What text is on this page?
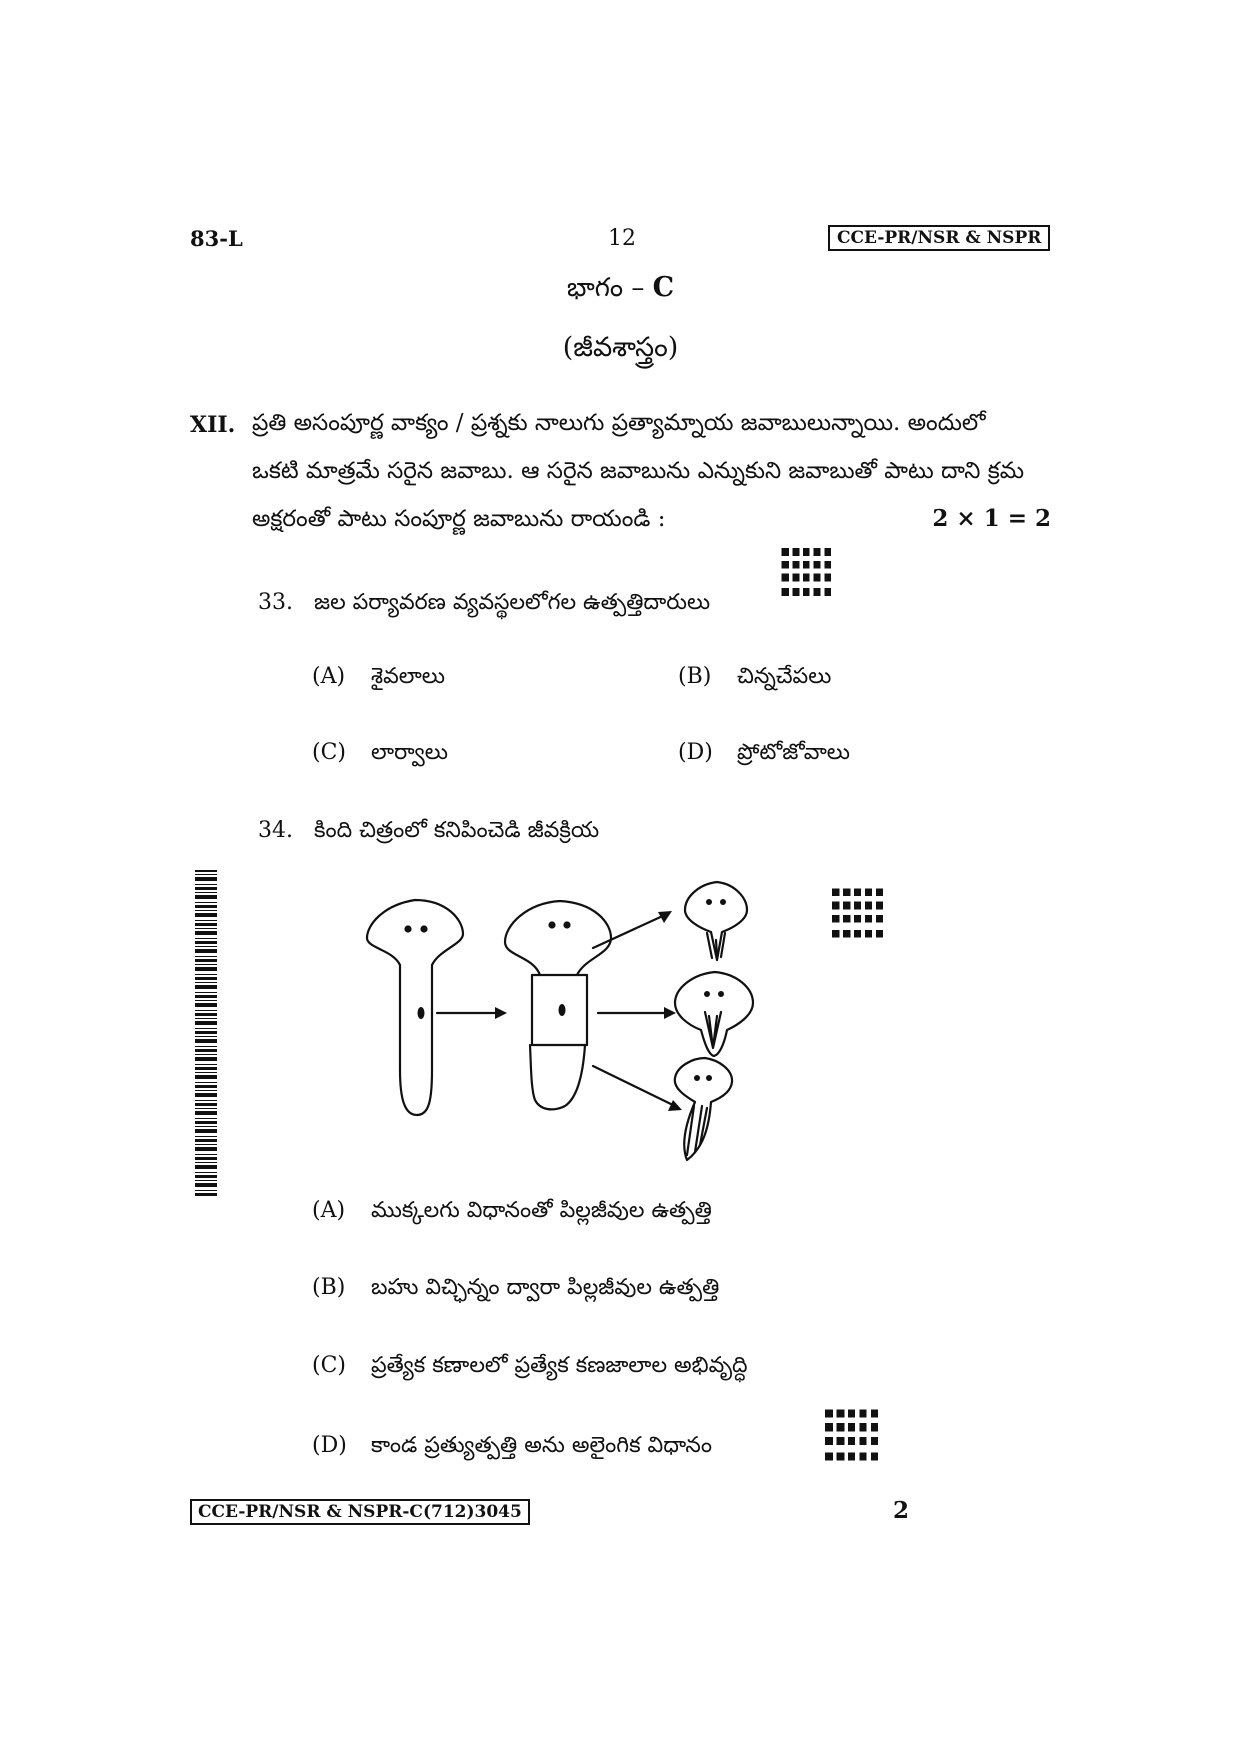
83-L	12	CCE-PR/NSR & NSPR
భాగం – C
(జీవశాస్త్రం)
XII. ప్రతి అసంపూర్ణ వాక్యం / ప్రశ్నకు నాలుగు ప్రత్యామ్నాయ జవాబులున్నాయి. అందులో
ఒకటి మాత్రమే సరైన జవాబు. ఆ సరైన జవాబును ఎన్నుకుని జవాబుతో పాటు దాని క్రమ
అక్షరంతో పాటు సంపూర్ణ జవాబును రాయండి :	2 × 1 = 2
33. జల పర్యావరణ వ్యవస్థలలోగల ఉత్పత్తిదారులు
(A) శైవలాలు	(B) చిన్నచేపలు
(C) లార్వాలు	(D) ప్రోటోజోవాలు
34. కింది చిత్రంలో కనిపించెడి జీవక్రియ
(A) ముక్కలగు విధానంతో పిల్లజీవుల ఉత్పత్తి
(B) బహు విచ్ఛిన్నం ద్వారా పిల్లజీవుల ఉత్పత్తి
(C) ప్రత్యేక కణాలలో ప్రత్యేక కణజాలాల అభివృద్ధి
(D) కాండ ప్రత్యుత్పత్తి అను అలైంగిక విధానం
CCE-PR/NSR & NSPR-C(712)3045	2
